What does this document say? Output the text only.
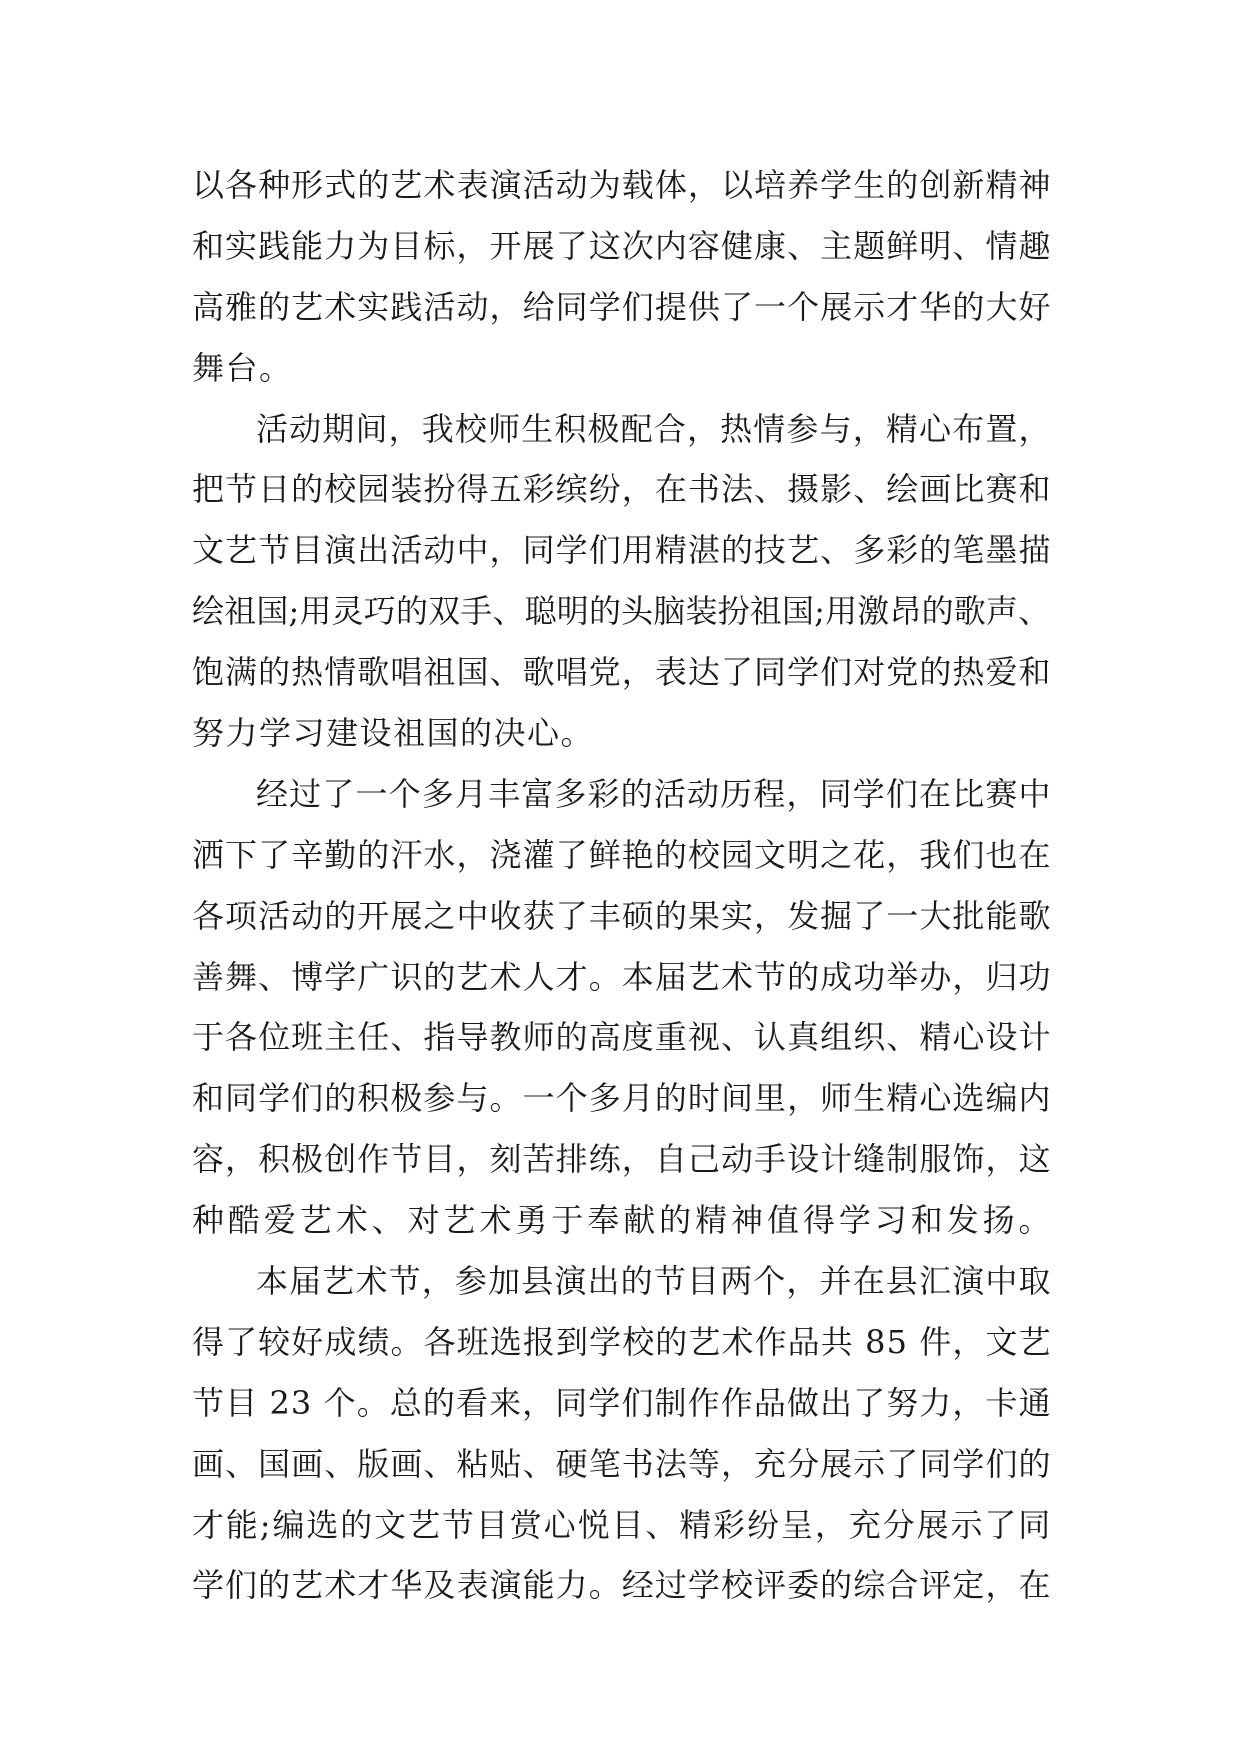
以各种形式的艺术表演活动为载体，以培养学生的创新精神
和实践能力为目标，开展了这次内容健康、主题鲜明、情趣
高雅的艺术实践活动，给同学们提供了一个展示才华的大好
舞台。
活动期间，我校师生积极配合，热情参与，精心布置，
把节日的校园装扮得五彩缤纷，在书法、摄影、绘画比赛和
文艺节目演出活动中，同学们用精湛的技艺、多彩的笔墨描
绘祖国;用灵巧的双手、聪明的头脑装扮祖国;用激昂的歌声、
饱满的热情歌唱祖国、歌唱党，表达了同学们对党的热爱和
努力学习建设祖国的决心。
经过了一个多月丰富多彩的活动历程，同学们在比赛中
洒下了辛勤的汗水，浇灌了鲜艳的校园文明之花，我们也在
各项活动的开展之中收获了丰硕的果实，发掘了一大批能歌
善舞、博学广识的艺术人才。本届艺术节的成功举办，归功
于各位班主任、指导教师的高度重视、认真组织、精心设计
和同学们的积极参与。一个多月的时间里，师生精心选编内
容，积极创作节目，刻苦排练，自己动手设计缝制服饰，这
种酷爱艺术、对艺术勇于奉献的精神值得学习和发扬。
本届艺术节，参加县演出的节目两个，并在县汇演中取
得了较好成绩。各班选报到学校的艺术作品共 85 件，文艺
节目 23 个。总的看来，同学们制作作品做出了努力，卡通
画、国画、版画、粘贴、硬笔书法等，充分展示了同学们的
才能;编选的文艺节目赏心悦目、精彩纷呈，充分展示了同
学们的艺术才华及表演能力。经过学校评委的综合评定，在
